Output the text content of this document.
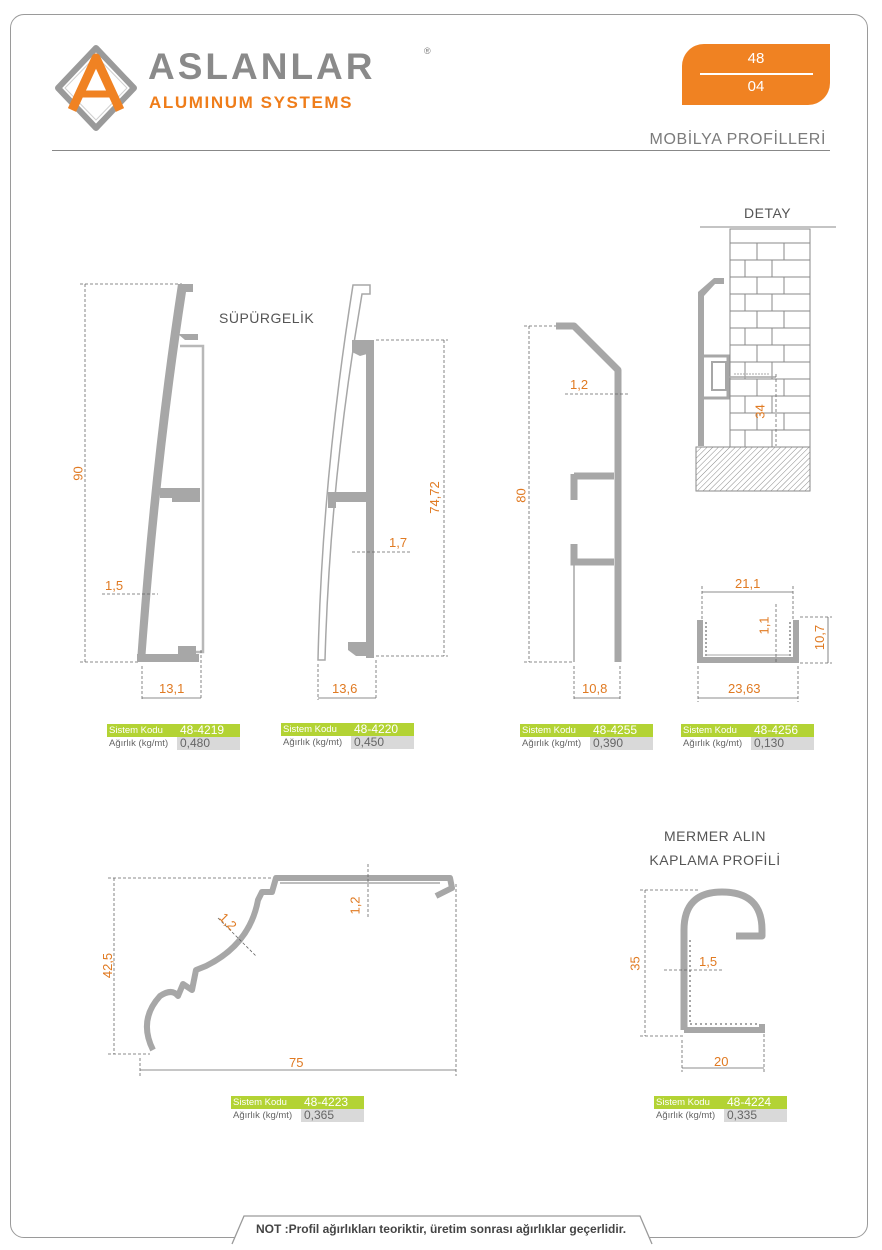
ASLANLAR	®
ALUMINUM SYSTEMS
48
04
MOBİLYA PROFİLLERİ
SÜPÜRGELİK
DETAY
MERMER ALIN
KAPLAMA PROFİLİ
90
1,5
13,1
74,72
1,7
13,6
80
1,2
10,8
34
21,1
1,1	10,7
23,63
42,5
1,2
1,2
75
35	1,5
20
Sistem Kodu 48-4219
Ağırlık (kg/mt) 0,480
Sistem Kodu 48-4220
Ağırlık (kg/mt) 0,450
Sistem Kodu 48-4255
Ağırlık (kg/mt) 0,390
Sistem Kodu 48-4256
Ağırlık (kg/mt) 0,130
Sistem Kodu 48-4223
Ağırlık (kg/mt) 0,365
Sistem Kodu 48-4224
Ağırlık (kg/mt) 0,335
NOT :Profil ağırlıkları teoriktir, üretim sonrası ağırlıklar geçerlidir.
